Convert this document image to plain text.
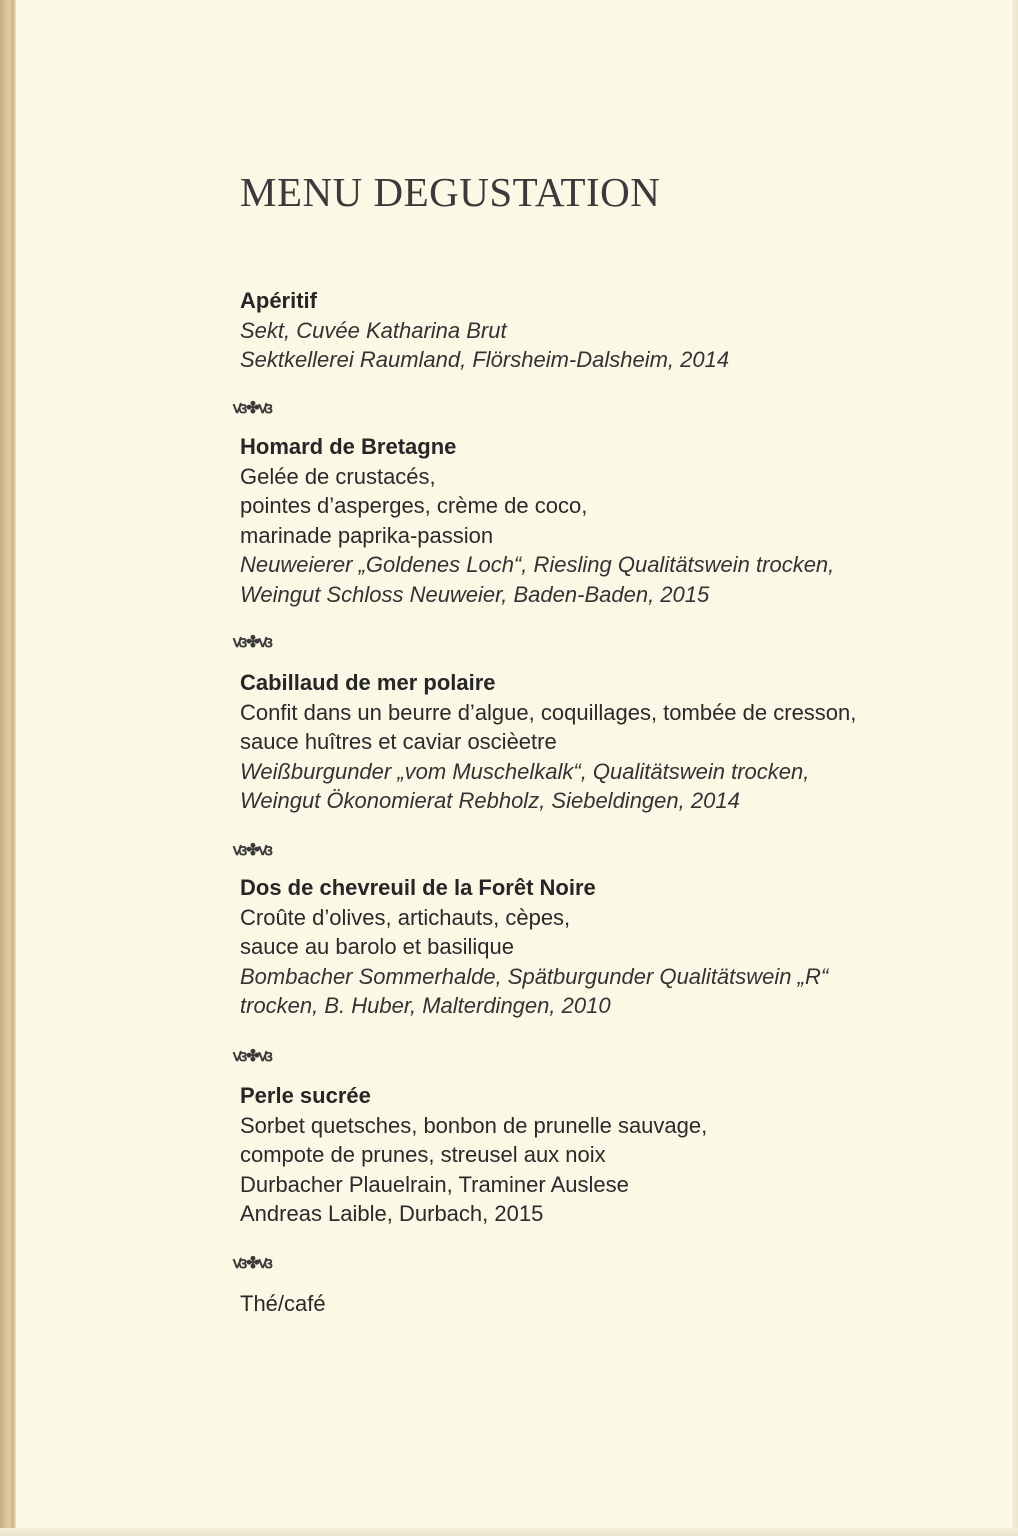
MENU DEGUSTATION
Apéritif
Sekt, Cuvée Katharina Brut
Sektkellerei Raumland, Flörsheim-Dalsheim, 2014
ꟃ✤ꟃ
Homard de Bretagne
Gelée de crustacés,
pointes d’asperges, crème de coco,
marinade paprika-passion
Neuweierer „Goldenes Loch“, Riesling Qualitätswein trocken,
Weingut Schloss Neuweier, Baden-Baden, 2015
ꟃ✤ꟃ
Cabillaud de mer polaire
Confit dans un beurre d’algue, coquillages, tombée de cresson,
sauce huîtres et caviar oscièetre
Weißburgunder „vom Muschelkalk“, Qualitätswein trocken,
Weingut Ökonomierat Rebholz, Siebeldingen, 2014
ꟃ✤ꟃ
Dos de chevreuil de la Forêt Noire
Croûte d’olives, artichauts, cèpes,
sauce au barolo et basilique
Bombacher Sommerhalde, Spätburgunder Qualitätswein „R“
trocken, B. Huber, Malterdingen, 2010
ꟃ✤ꟃ
Perle sucrée
Sorbet quetsches, bonbon de prunelle sauvage,
compote de prunes, streusel aux noix
Durbacher Plauelrain, Traminer Auslese
Andreas Laible, Durbach, 2015
ꟃ✤ꟃ
Thé/café
